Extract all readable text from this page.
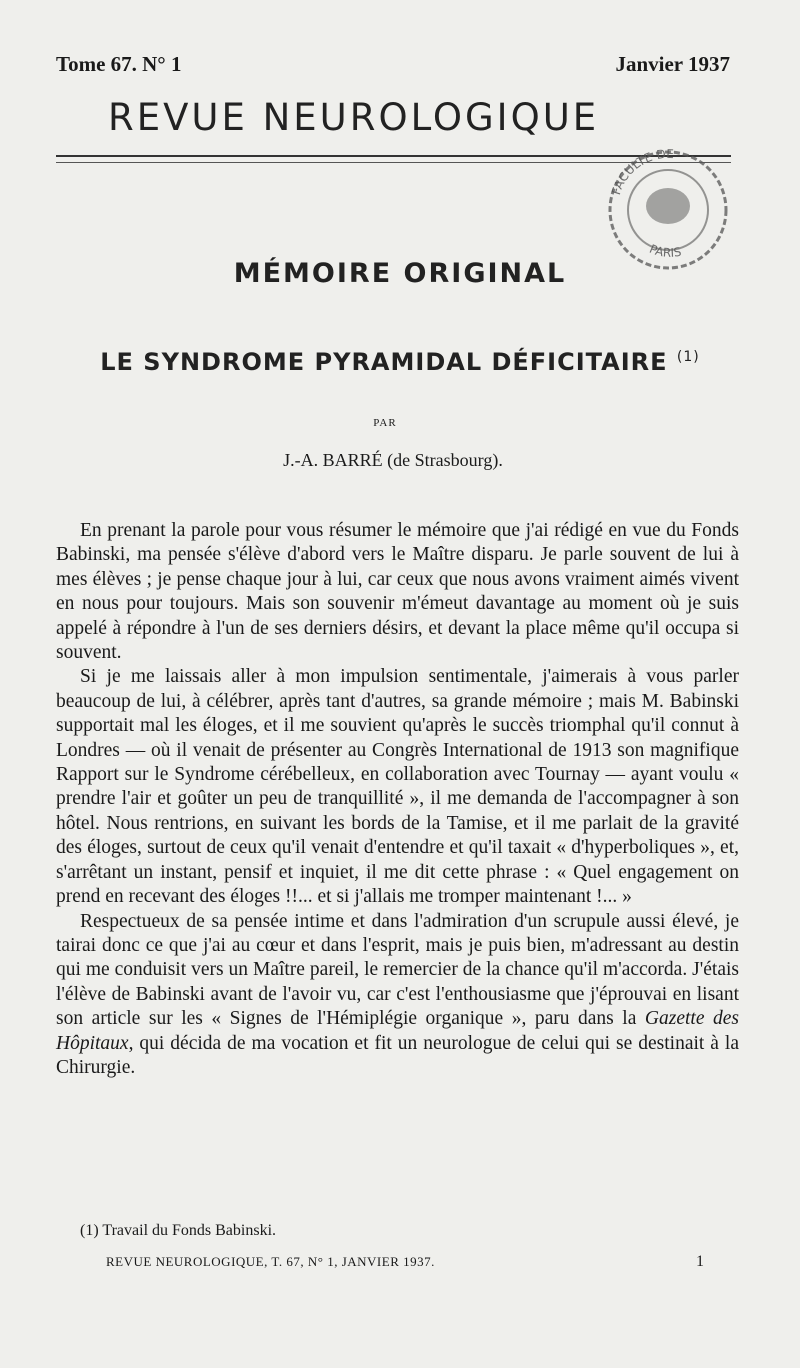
Tome 67. N° 1	Janvier 1937
REVUE NEUROLOGIQUE
FACULTE DE
PARIS
MÉMOIRE ORIGINAL
LE SYNDROME PYRAMIDAL DÉFICITAIRE $^{(1)}$
PAR
J.-A. BARRÉ (de Strasbourg).

En prenant la parole pour vous résumer le mémoire que j'ai rédigé en vue du Fonds Babinski, ma pensée s'élève d'abord vers le Maître disparu. Je parle souvent de lui à mes élèves ; je pense chaque jour à lui, car ceux que nous avons vraiment aimés vivent en nous pour toujours. Mais son souvenir m'émeut davantage au moment où je suis appelé à répondre à l'un de ses derniers désirs, et devant la place même qu'il occupa si souvent.

Si je me laissais aller à mon impulsion sentimentale, j'aimerais à vous parler beaucoup de lui, à célébrer, après tant d'autres, sa grande mémoire ; mais M. Babinski supportait mal les éloges, et il me souvient qu'après le succès triomphal qu'il connut à Londres — où il venait de présenter au Congrès International de 1913 son magnifique Rapport sur le Syndrome cérébelleux, en collaboration avec Tournay — ayant voulu « prendre l'air et goûter un peu de tranquillité », il me demanda de l'accompagner à son hôtel. Nous rentrions, en suivant les bords de la Tamise, et il me parlait de la gravité des éloges, surtout de ceux qu'il venait d'entendre et qu'il taxait « d'hyperboliques », et, s'arrêtant un instant, pensif et inquiet, il me dit cette phrase : « Quel engagement on prend en recevant des éloges !!... et si j'allais me tromper maintenant !... »

Respectueux de sa pensée intime et dans l'admiration d'un scrupule aussi élevé, je tairai donc ce que j'ai au cœur et dans l'esprit, mais je puis bien, m'adressant au destin qui me conduisit vers un Maître pareil, le remercier de la chance qu'il m'accorda. J'étais l'élève de Babinski avant de l'avoir vu, car c'est l'enthousiasme que j'éprouvai en lisant son article sur les « Signes de l'Hémiplégie organique », paru dans la Gazette des Hôpitaux, qui décida de ma vocation et fit un neurologue de celui qui se destinait à la Chirurgie.

(1) Travail du Fonds Babinski.
REVUE NEUROLOGIQUE, T. 67, N° 1, JANVIER 1937.	1
